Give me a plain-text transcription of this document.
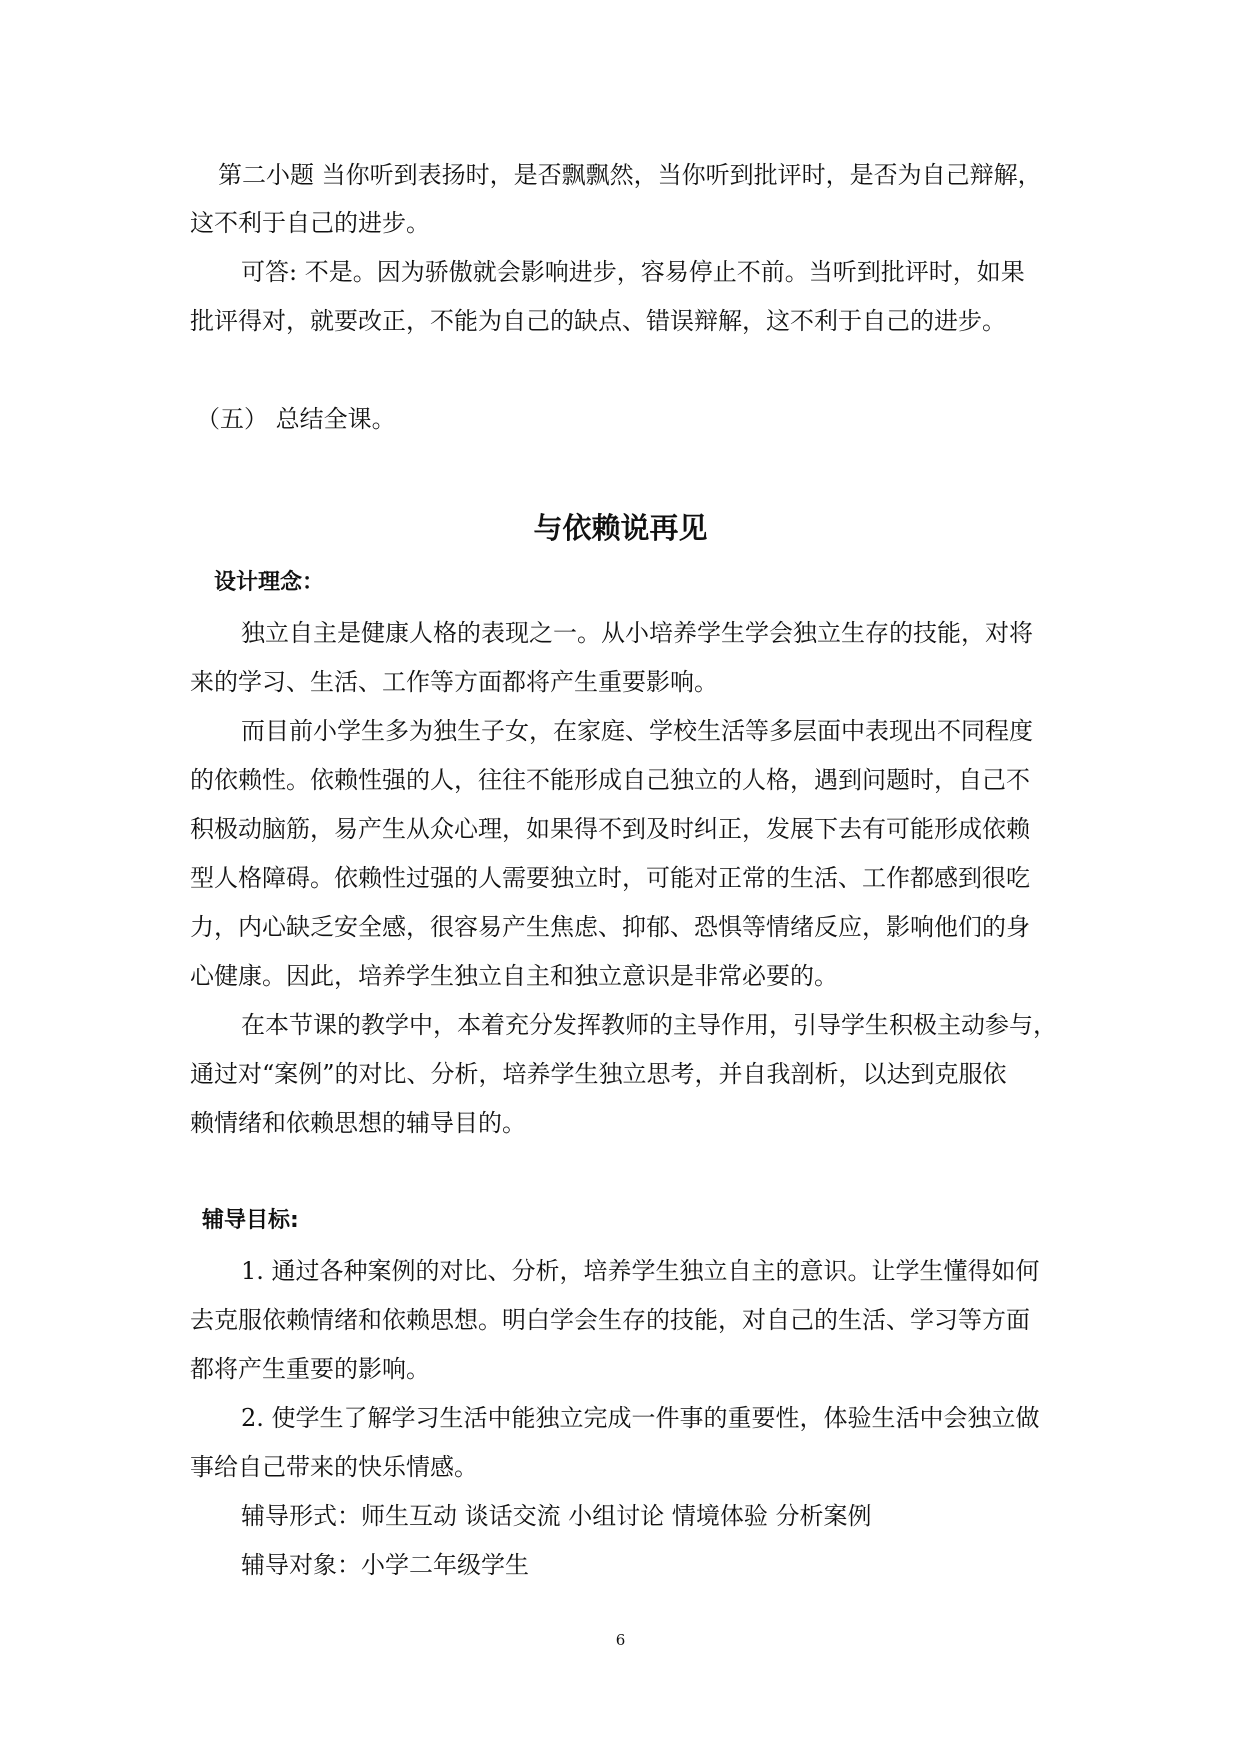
第二小题 当你听到表扬时，是否飘飘然，当你听到批评时，是否为自己辩解，

这不利于自己的进步。

可答: 不是。因为骄傲就会影响进步，容易停止不前。当听到批评时，如果

批评得对，就要改正，不能为自己的缺点、错误辩解，这不利于自己的进步。

（五） 总结全课。

与依赖说再见
设计理念：

独立自主是健康人格的表现之一。从小培养学生学会独立生存的技能，对将

来的学习、生活、工作等方面都将产生重要影响。

而目前小学生多为独生子女，在家庭、学校生活等多层面中表现出不同程度

的依赖性。依赖性强的人，往往不能形成自己独立的人格，遇到问题时，自己不

积极动脑筋，易产生从众心理，如果得不到及时纠正，发展下去有可能形成依赖

型人格障碍。依赖性过强的人需要独立时，可能对正常的生活、工作都感到很吃

力，内心缺乏安全感，很容易产生焦虑、抑郁、恐惧等情绪反应，影响他们的身

心健康。因此，培养学生独立自主和独立意识是非常必要的。

在本节课的教学中，本着充分发挥教师的主导作用，引导学生积极主动参与，

通过对“案例”的对比、分析，培养学生独立思考，并自我剖析，以达到克服依

赖情绪和依赖思想的辅导目的。

辅导目标:

1. 通过各种案例的对比、分析，培养学生独立自主的意识。让学生懂得如何

去克服依赖情绪和依赖思想。明白学会生存的技能，对自己的生活、学习等方面

都将产生重要的影响。

2. 使学生了解学习生活中能独立完成一件事的重要性，体验生活中会独立做

事给自己带来的快乐情感。

辅导形式：师生互动 谈话交流 小组讨论 情境体验 分析案例

辅导对象：小学二年级学生

6
